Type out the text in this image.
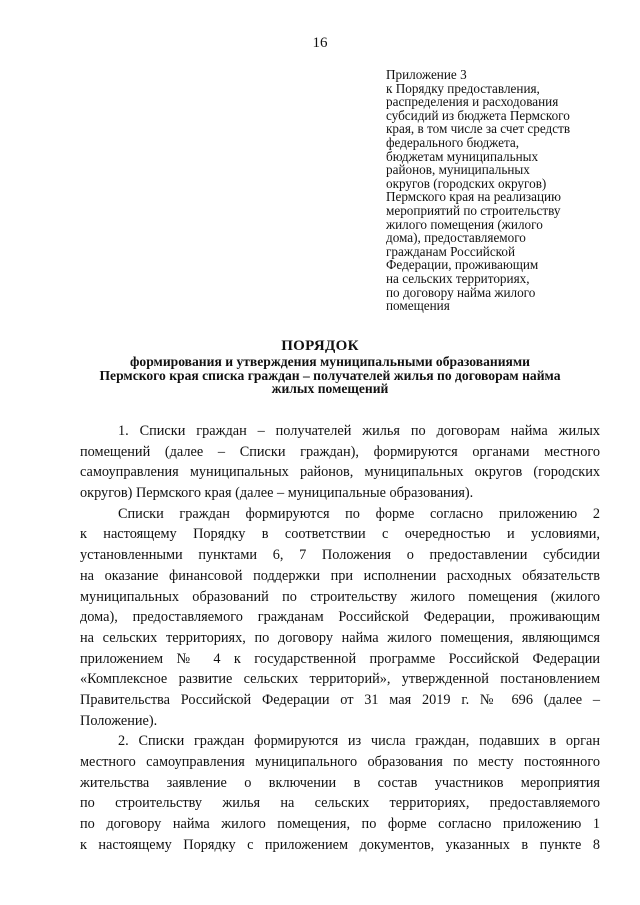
16
Приложение 3
к Порядку предоставления,
распределения и расходования
субсидий из бюджета Пермского
края, в том числе за счет средств
федерального бюджета,
бюджетам муниципальных
районов, муниципальных
округов (городских округов)
Пермского края на реализацию
мероприятий по строительству
жилого помещения (жилого
дома), предоставляемого
гражданам Российской
Федерации, проживающим
на сельских территориях,
по договору найма жилого
помещения
ПОРЯДОК
формирования и утверждения муниципальными образованиями
Пермского края списка граждан – получателей жилья по договорам найма
жилых помещений
1. Списки граждан – получателей жилья по договорам найма жилых
помещений (далее – Списки граждан), формируются органами местного
самоуправления муниципальных районов, муниципальных округов (городских
округов) Пермского края (далее – муниципальные образования).
Списки граждан формируются по форме согласно приложению 2
к настоящему Порядку в соответствии с очередностью и условиями,
установленными пунктами 6, 7 Положения о предоставлении субсидии
на оказание финансовой поддержки при исполнении расходных обязательств
муниципальных образований по строительству жилого помещения (жилого
дома), предоставляемого гражданам Российской Федерации, проживающим
на сельских территориях, по договору найма жилого помещения, являющимся
приложением № 4 к государственной программе Российской Федерации
«Комплексное развитие сельских территорий», утвержденной постановлением
Правительства Российской Федерации от 31 мая 2019 г. № 696 (далее –
Положение).
2. Списки граждан формируются из числа граждан, подавших в орган
местного самоуправления муниципального образования по месту постоянного
жительства заявление о включении в состав участников мероприятия
по строительству жилья на сельских территориях, предоставляемого
по договору найма жилого помещения, по форме согласно приложению 1
к настоящему Порядку с приложением документов, указанных в пункте 8
